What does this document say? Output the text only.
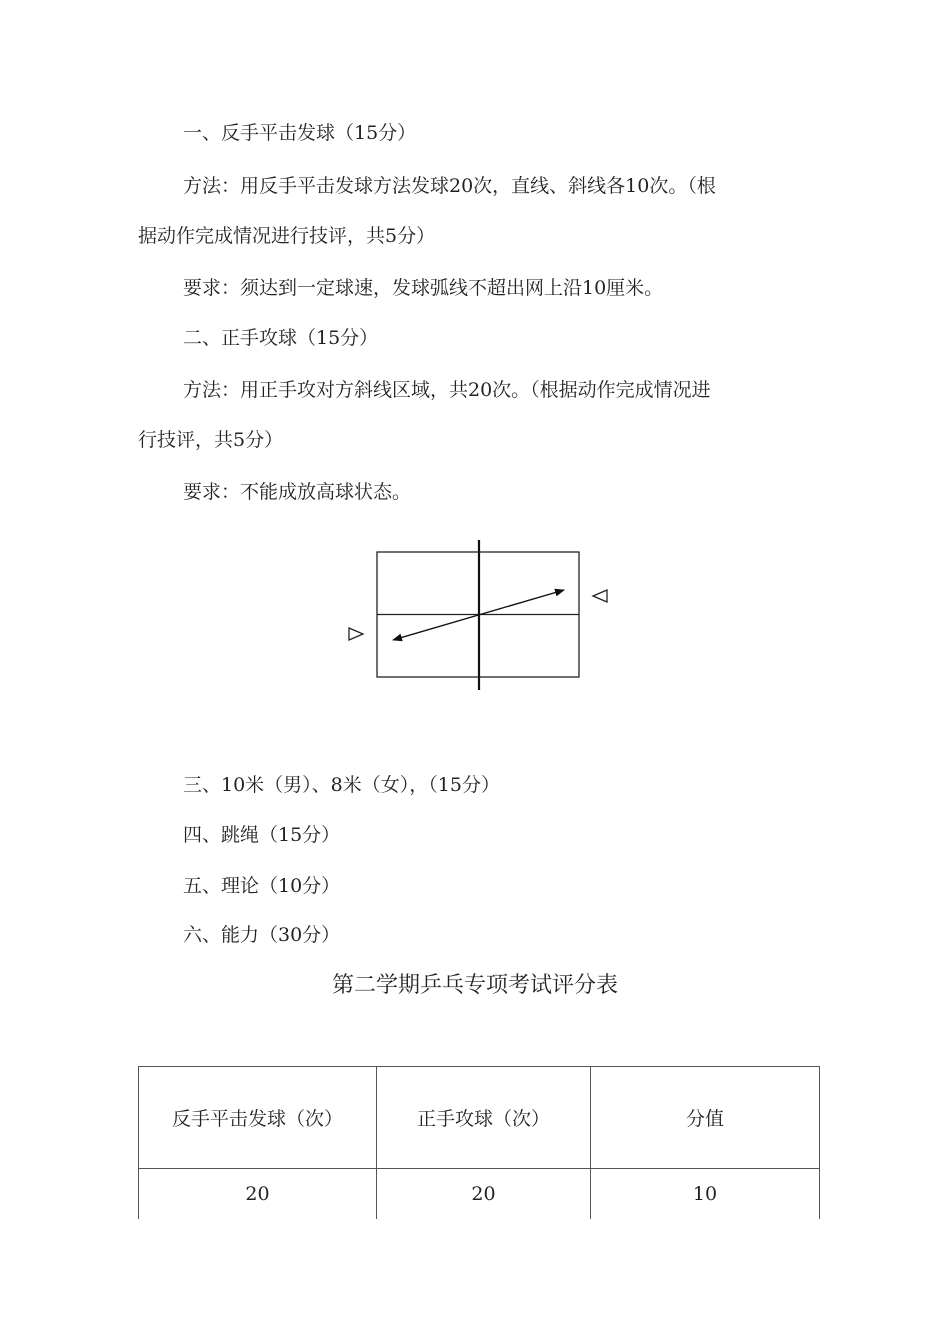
一、反手平击发球（15分）
方法：用反手平击发球方法发球20次，直线、斜线各10次。（根
据动作完成情况进行技评，共5分）
要求：须达到一定球速，发球弧线不超出网上沿10厘米。
二、正手攻球（15分）
方法：用正手攻对方斜线区域，共20次。（根据动作完成情况进
行技评，共5分）
要求：不能成放高球状态。
三、10米（男）、8米（女），（15分）
四、跳绳（15分）
五、理论（10分）
六、能力（30分）
第二学期乒乓专项考试评分表
反手平击发球（次）	正手攻球（次）	分值
20	20	10
